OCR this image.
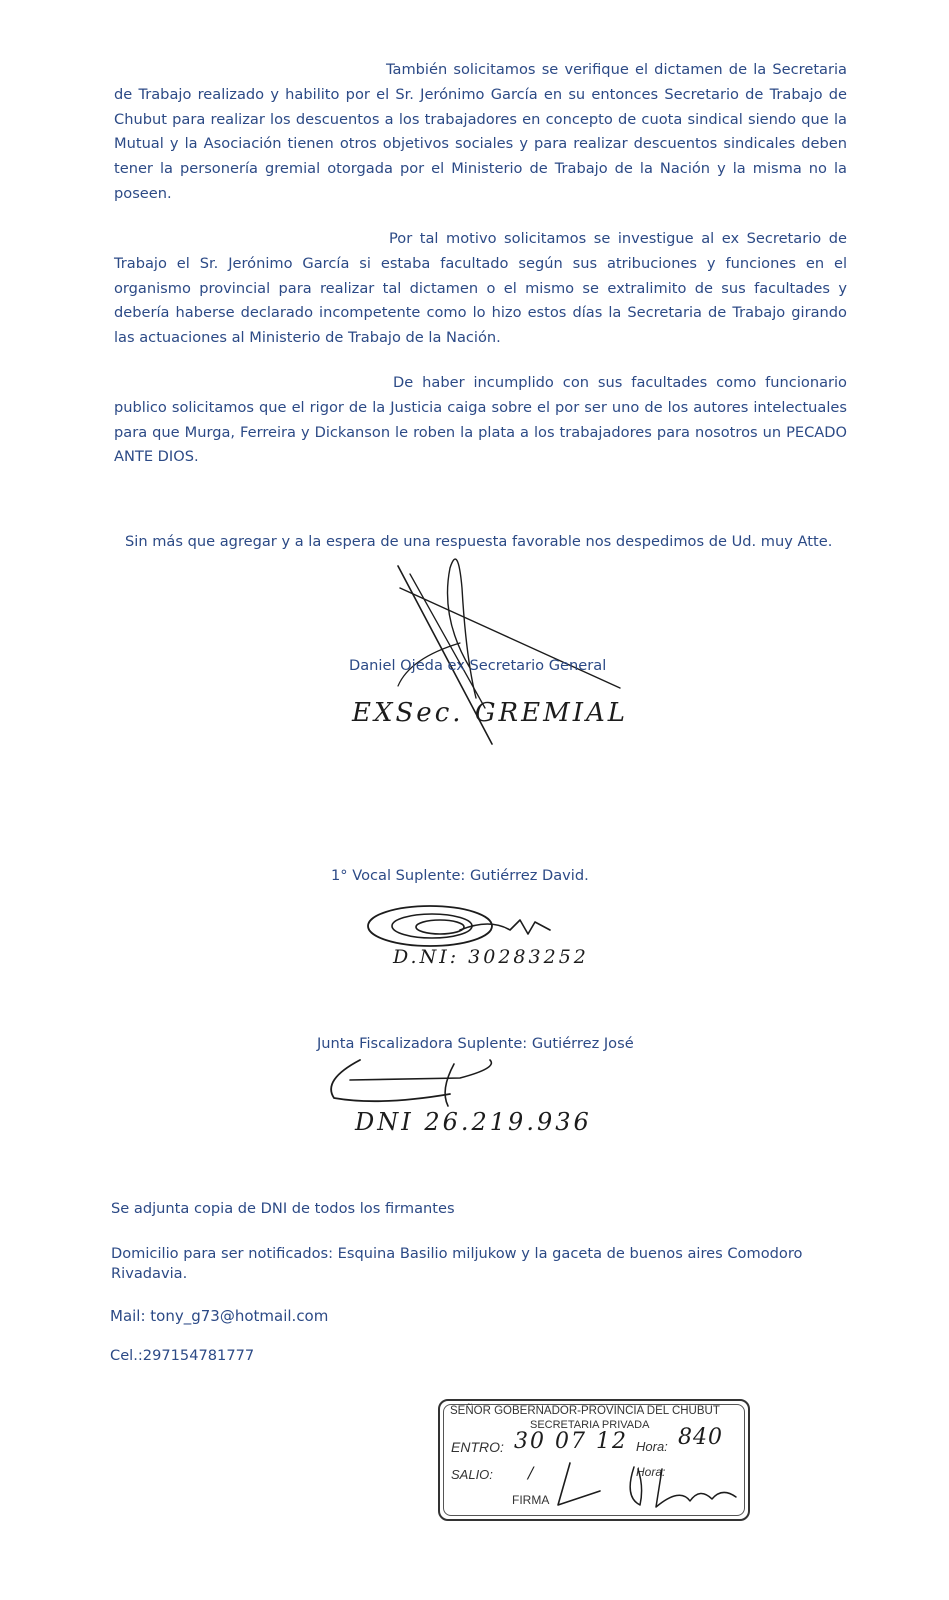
También solicitamos se verifique el dictamen de la Secretaria de Trabajo realizado y habilito por el Sr. Jerónimo García en su entonces Secretario de Trabajo de Chubut para realizar los descuentos a los trabajadores en concepto de cuota sindical siendo que la Mutual y la Asociación tienen otros objetivos sociales y para realizar descuentos sindicales deben tener la personería gremial otorgada por el Ministerio de Trabajo de la Nación y la misma no la poseen.

Por tal motivo solicitamos se investigue al ex Secretario de Trabajo el Sr. Jerónimo García si estaba facultado según sus atribuciones y funciones en el organismo provincial para realizar tal dictamen o el mismo se extralimito de sus facultades y debería haberse declarado incompetente como lo hizo estos días la Secretaria de Trabajo girando las actuaciones al Ministerio de Trabajo de la Nación.

De haber incumplido con sus facultades como funcionario publico solicitamos que el rigor de la Justicia caiga sobre el por ser uno de los autores intelectuales para que Murga, Ferreira y Dickanson le roben la plata a los trabajadores para nosotros un PECADO ANTE DIOS.

Sin más que agregar y a la espera de una respuesta favorable nos despedimos de Ud. muy Atte.

Daniel Ojeda ex Secretario General

EXSec. GREMIAL

1° Vocal Suplente: Gutiérrez David.

D.NI: 30283252

Junta Fiscalizadora Suplente: Gutiérrez José

DNI 26.219.936

Se adjunta copia de DNI de todos los firmantes

Domicilio para ser notificados: Esquina Basilio miljukow y la gaceta de buenos aires Comodoro Rivadavia.

Mail: tony_g73@hotmail.com

Cel.:297154781777

SEÑOR GOBERNADOR-PROVINCIA DEL CHUBUT
SECRETARIA PRIVADA
ENTRO: 30 07 12 Hora: 840
SALIO: /	Hora:
FIRMA
